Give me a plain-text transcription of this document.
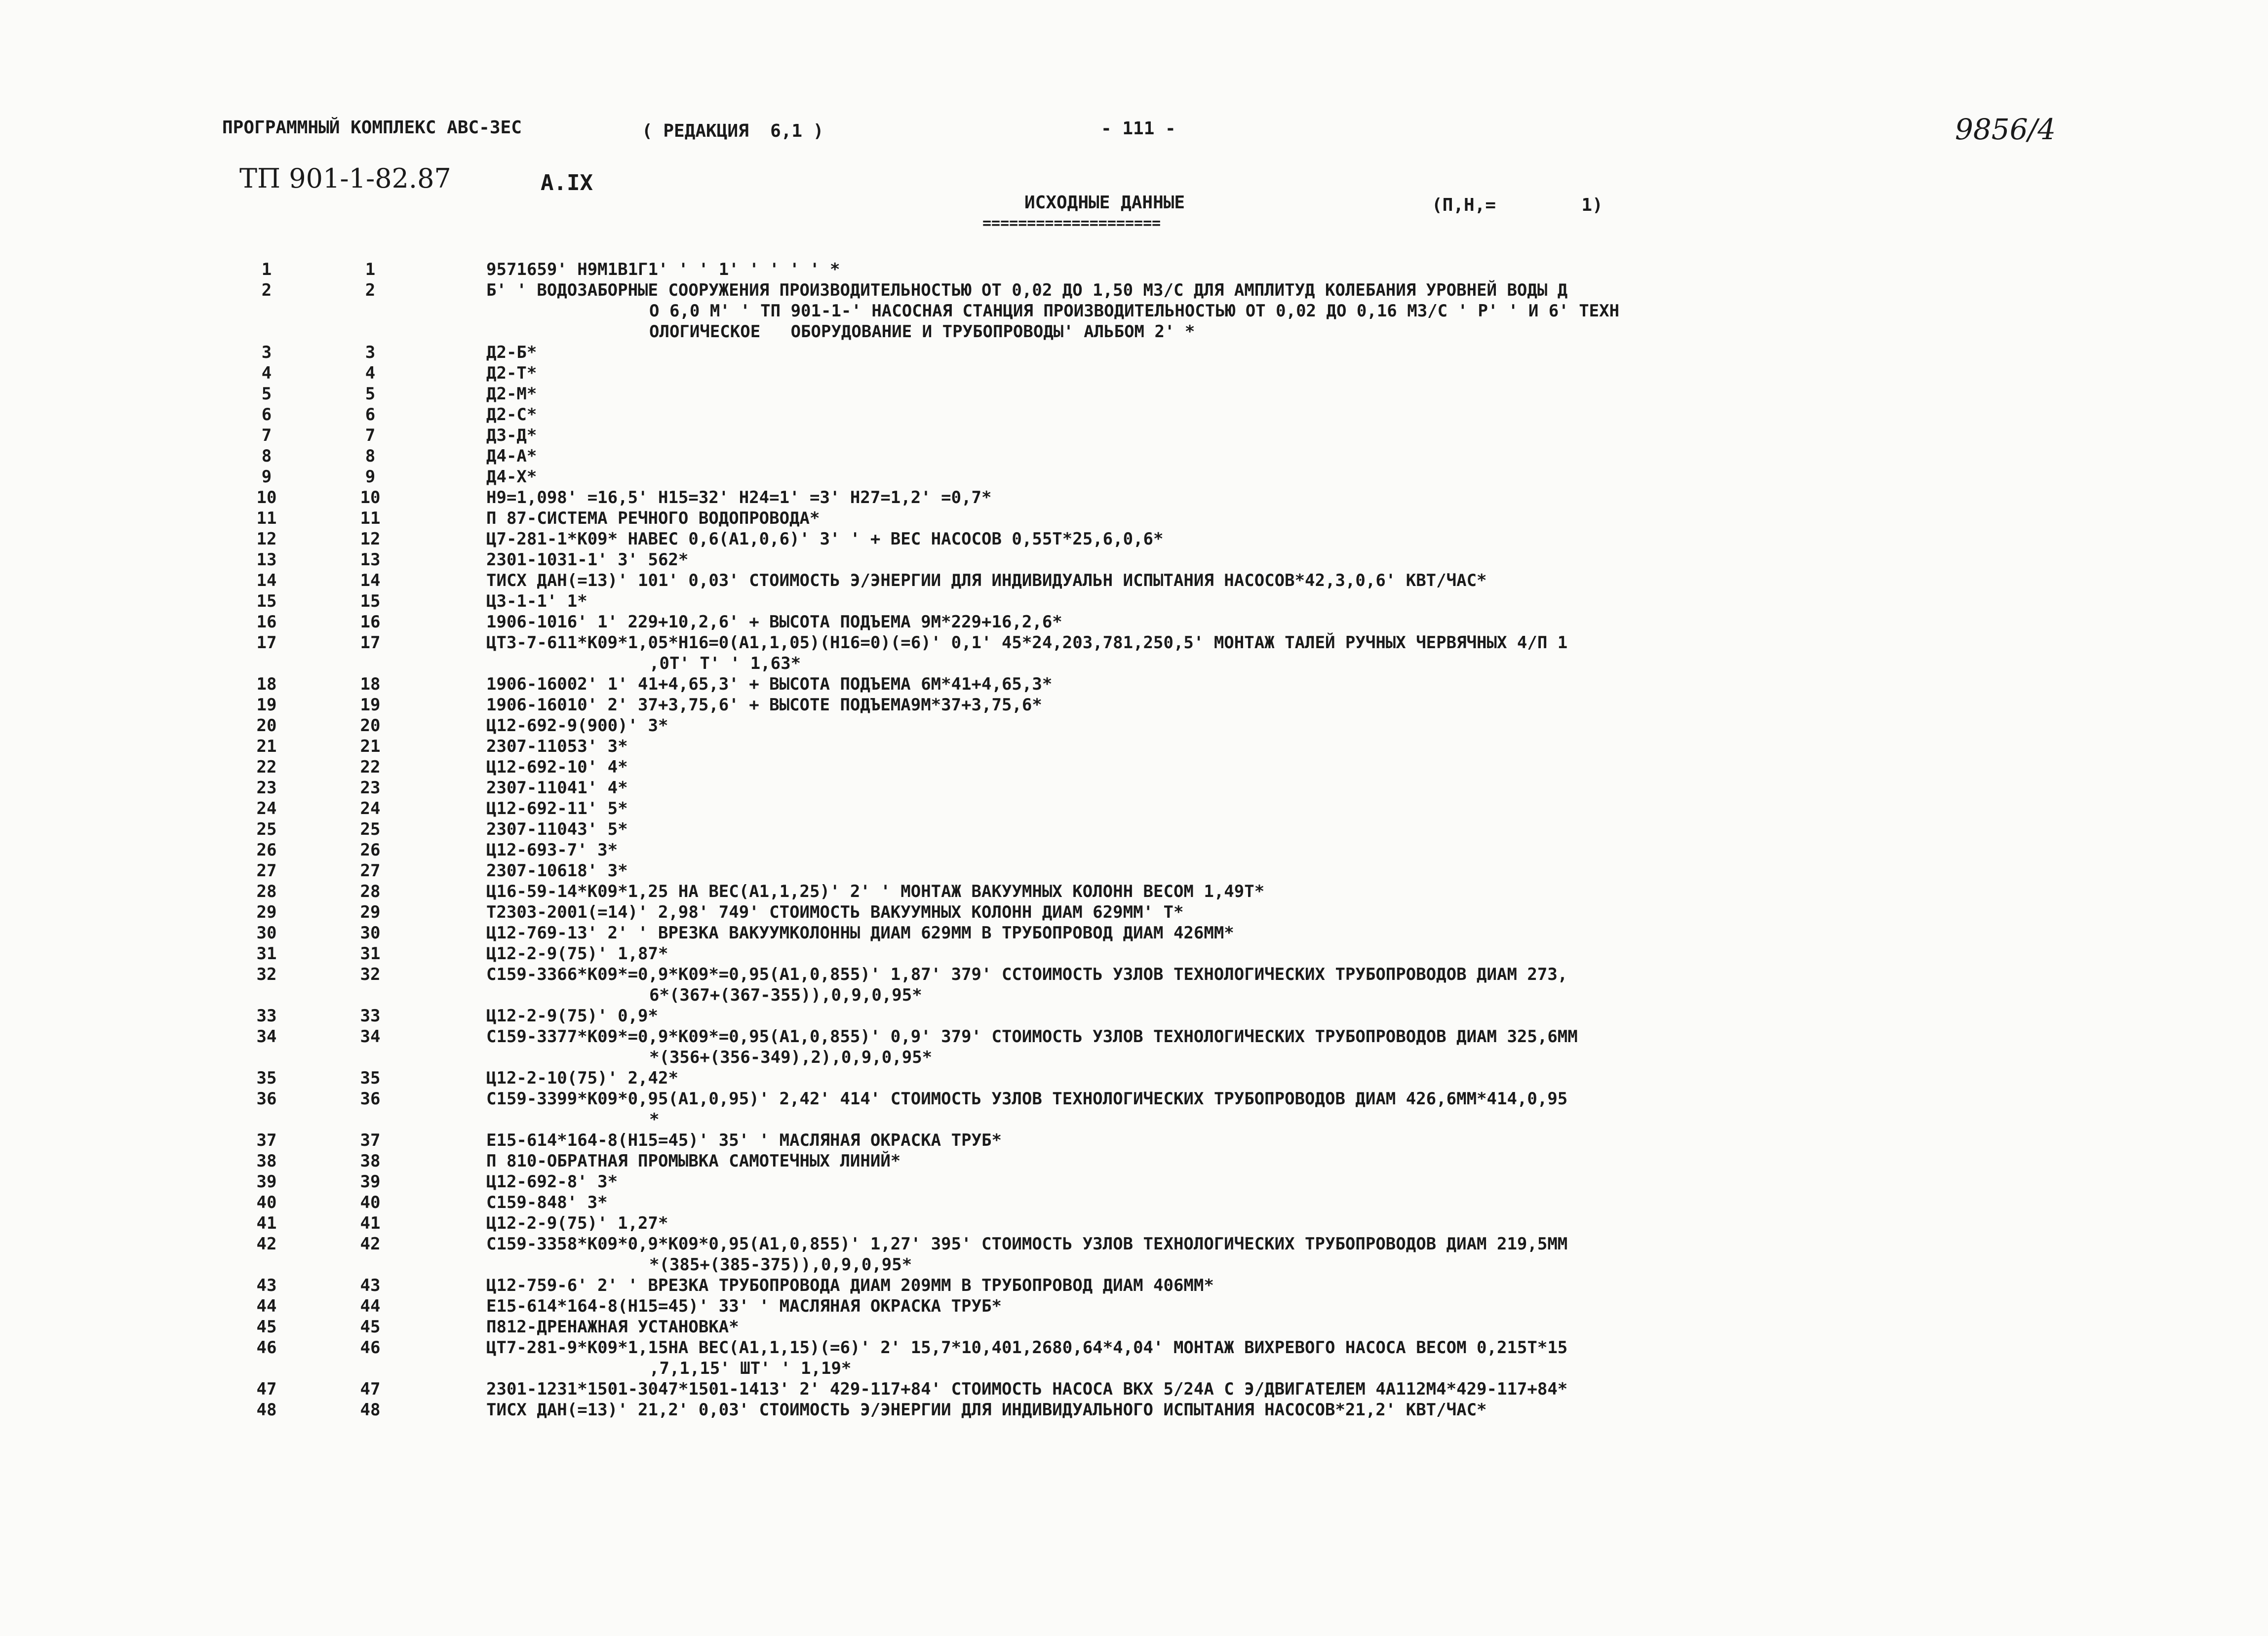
ПРОГРАММНЫЙ КОМПЛЕКС АВС-3ЕС	( РЕДАКЦИЯ  6,1 )	- 111 -	9856/4
ТП 901-1-82.87	А.IX
ИСХОДНЫЕ ДАННЫЕ
====================
(П,Н,=        1)
1	1	9571659' Н9М1В1Г1' ' ' 1' ' ' ' ' *
2	2	Б' ' ВОДОЗАБОРНЫЕ СООРУЖЕНИЯ ПРОИЗВОДИТЕЛЬНОСТЬЮ ОТ 0,02 ДО 1,50 М3/С ДЛЯ АМПЛИТУД КОЛЕБАНИЯ УРОВНЕЙ ВОДЫ Д
О 6,0 М' ' ТП 901-1-' НАСОСНАЯ СТАНЦИЯ ПРОИЗВОДИТЕЛЬНОСТЬЮ ОТ 0,02 ДО 0,16 М3/С ' Р' ' И 6' ТЕХН
ОЛОГИЧЕСКОЕ   ОБОРУДОВАНИЕ И ТРУБОПРОВОДЫ' АЛЬБОМ 2' *
3	3	Д2-Б*
4	4	Д2-Т*
5	5	Д2-М*
6	6	Д2-С*
7	7	Д3-Д*
8	8	Д4-А*
9	9	Д4-Х*
10	10	Н9=1,098' =16,5' Н15=32' Н24=1' =3' Н27=1,2' =0,7*
11	11	П 87-СИСТЕМА РЕЧНОГО ВОДОПРОВОДА*
12	12	Ц7-281-1*К09* НАВЕС 0,6(А1,0,6)' 3' ' + ВЕС НАСОСОВ 0,55Т*25,6,0,6*
13	13	2301-1031-1' 3' 562*
14	14	ТИСХ ДАН(=13)' 101' 0,03' СТОИМОСТЬ Э/ЭНЕРГИИ ДЛЯ ИНДИВИДУАЛЬН ИСПЫТАНИЯ НАСОСОВ*42,3,0,6' КВТ/ЧАС*
15	15	Ц3-1-1' 1*
16	16	1906-1016' 1' 229+10,2,6' + ВЫСОТА ПОДЪЕМА 9М*229+16,2,6*
17	17	ЦТ3-7-611*К09*1,05*Н16=0(А1,1,05)(Н16=0)(=6)' 0,1' 45*24,203,781,250,5' МОНТАЖ ТАЛЕЙ РУЧНЫХ ЧЕРВЯЧНЫХ 4/П 1
,0Т' Т' ' 1,63*
18	18	1906-16002' 1' 41+4,65,3' + ВЫСОТА ПОДЪЕМА 6М*41+4,65,3*
19	19	1906-16010' 2' 37+3,75,6' + ВЫСОТЕ ПОДЪЕМА9М*37+3,75,6*
20	20	Ц12-692-9(900)' 3*
21	21	2307-11053' 3*
22	22	Ц12-692-10' 4*
23	23	2307-11041' 4*
24	24	Ц12-692-11' 5*
25	25	2307-11043' 5*
26	26	Ц12-693-7' 3*
27	27	2307-10618' 3*
28	28	Ц16-59-14*К09*1,25 НА ВЕС(А1,1,25)' 2' ' МОНТАЖ ВАКУУМНЫХ КОЛОНН ВЕСОМ 1,49Т*
29	29	Т2303-2001(=14)' 2,98' 749' СТОИМОСТЬ ВАКУУМНЫХ КОЛОНН ДИАМ 629ММ' Т*
30	30	Ц12-769-13' 2' ' ВРЕЗКА ВАКУУМКОЛОННЫ ДИАМ 629ММ В ТРУБОПРОВОД ДИАМ 426ММ*
31	31	Ц12-2-9(75)' 1,87*
32	32	С159-3366*К09*=0,9*К09*=0,95(А1,0,855)' 1,87' 379' ССТОИМОСТЬ УЗЛОВ ТЕХНОЛОГИЧЕСКИХ ТРУБОПРОВОДОВ ДИАМ 273,
6*(367+(367-355)),0,9,0,95*
33	33	Ц12-2-9(75)' 0,9*
34	34	С159-3377*К09*=0,9*К09*=0,95(А1,0,855)' 0,9' 379' СТОИМОСТЬ УЗЛОВ ТЕХНОЛОГИЧЕСКИХ ТРУБОПРОВОДОВ ДИАМ 325,6ММ
*(356+(356-349),2),0,9,0,95*
35	35	Ц12-2-10(75)' 2,42*
36	36	С159-3399*К09*0,95(А1,0,95)' 2,42' 414' СТОИМОСТЬ УЗЛОВ ТЕХНОЛОГИЧЕСКИХ ТРУБОПРОВОДОВ ДИАМ 426,6ММ*414,0,95
*
37	37	Е15-614*164-8(Н15=45)' 35' ' МАСЛЯНАЯ ОКРАСКА ТРУБ*
38	38	П 810-ОБРАТНАЯ ПРОМЫВКА САМОТЕЧНЫХ ЛИНИЙ*
39	39	Ц12-692-8' 3*
40	40	С159-848' 3*
41	41	Ц12-2-9(75)' 1,27*
42	42	С159-3358*К09*0,9*К09*0,95(А1,0,855)' 1,27' 395' СТОИМОСТЬ УЗЛОВ ТЕХНОЛОГИЧЕСКИХ ТРУБОПРОВОДОВ ДИАМ 219,5ММ
*(385+(385-375)),0,9,0,95*
43	43	Ц12-759-6' 2' ' ВРЕЗКА ТРУБОПРОВОДА ДИАМ 209ММ В ТРУБОПРОВОД ДИАМ 406ММ*
44	44	Е15-614*164-8(Н15=45)' 33' ' МАСЛЯНАЯ ОКРАСКА ТРУБ*
45	45	П812-ДРЕНАЖНАЯ УСТАНОВКА*
46	46	ЦТ7-281-9*К09*1,15НА ВЕС(А1,1,15)(=6)' 2' 15,7*10,401,2680,64*4,04' МОНТАЖ ВИХРЕВОГО НАСОСА ВЕСОМ 0,215Т*15
,7,1,15' ШТ' ' 1,19*
47	47	2301-1231*1501-3047*1501-1413' 2' 429-117+84' СТОИМОСТЬ НАСОСА ВКХ 5/24А С Э/ДВИГАТЕЛЕМ 4А112М4*429-117+84*
48	48	ТИСХ ДАН(=13)' 21,2' 0,03' СТОИМОСТЬ Э/ЭНЕРГИИ ДЛЯ ИНДИВИДУАЛЬНОГО ИСПЫТАНИЯ НАСОСОВ*21,2' КВТ/ЧАС*
